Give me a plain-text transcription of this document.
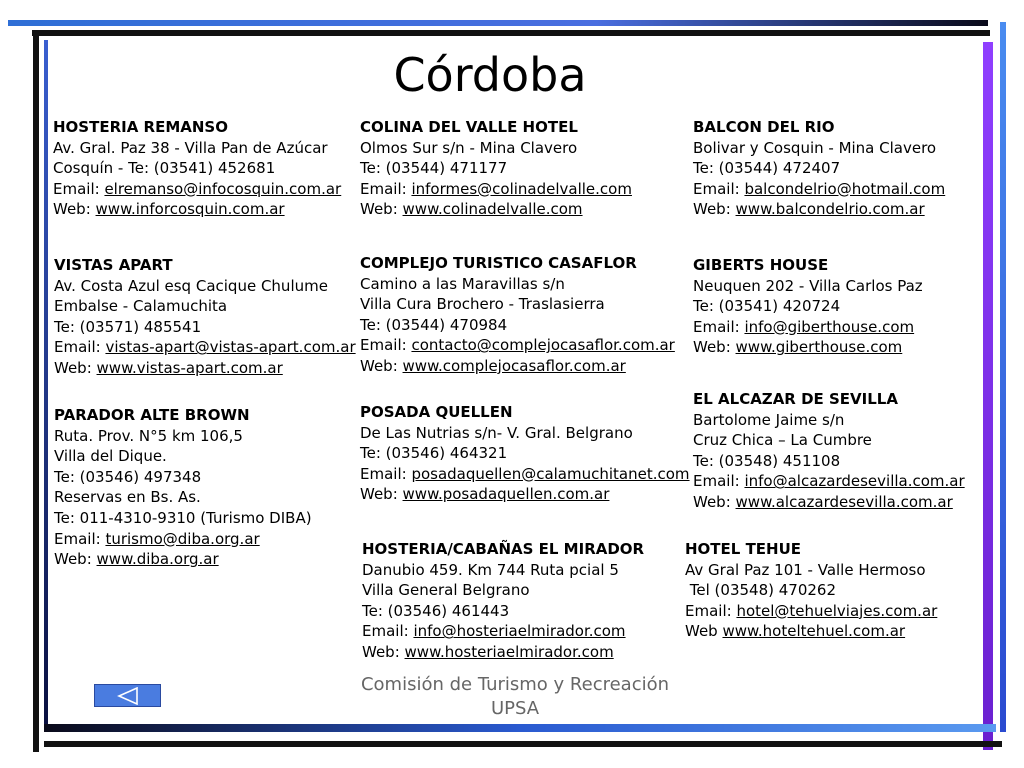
Córdoba
HOSTERIA REMANSO
Av. Gral. Paz 38 - Villa Pan de Azúcar
Cosquín - Te: (03541) 452681
Email: elremanso@infocosquin.com.ar
Web: www.inforcosquin.com.ar
COLINA DEL VALLE HOTEL
Olmos Sur s/n - Mina Clavero
Te: (03544) 471177
Email: informes@colinadelvalle.com
Web: www.colinadelvalle.com
BALCON DEL RIO
Bolivar y Cosquin - Mina Clavero
Te: (03544) 472407
Email: balcondelrio@hotmail.com
Web: www.balcondelrio.com.ar
VISTAS APART
Av. Costa Azul esq Cacique Chulume
Embalse - Calamuchita
Te: (03571) 485541
Email: vistas-apart@vistas-apart.com.ar
Web: www.vistas-apart.com.ar
COMPLEJO TURISTICO CASAFLOR
Camino a las Maravillas s/n
Villa Cura Brochero - Traslasierra
Te: (03544) 470984
Email: contacto@complejocasaflor.com.ar
Web: www.complejocasaflor.com.ar
GIBERTS HOUSE
Neuquen 202 - Villa Carlos Paz
Te: (03541) 420724
Email: info@giberthouse.com
Web: www.giberthouse.com
PARADOR ALTE BROWN
Ruta. Prov. N°5 km 106,5
Villa del Dique.
Te: (03546) 497348
Reservas en Bs. As.
Te: 011-4310-9310 (Turismo DIBA)
Email: turismo@diba.org.ar
Web: www.diba.org.ar
POSADA QUELLEN
De Las Nutrias s/n- V. Gral. Belgrano
Te: (03546) 464321
Email: posadaquellen@calamuchitanet.com
Web: www.posadaquellen.com.ar
EL ALCAZAR DE SEVILLA
Bartolome Jaime s/n
Cruz Chica – La Cumbre
Te: (03548) 451108
Email: info@alcazardesevilla.com.ar
Web: www.alcazardesevilla.com.ar
HOSTERIA/CABAÑAS EL MIRADOR
Danubio 459. Km 744 Ruta pcial 5
Villa General Belgrano
Te: (03546) 461443
Email: info@hosteriaelmirador.com
Web: www.hosteriaelmirador.com
HOTEL TEHUE
Av Gral Paz 101 - Valle Hermoso
Tel (03548) 470262
Email: hotel@tehuelviajes.com.ar
Web www.hoteltehuel.com.ar
Comisión de Turismo y Recreación
UPSA
